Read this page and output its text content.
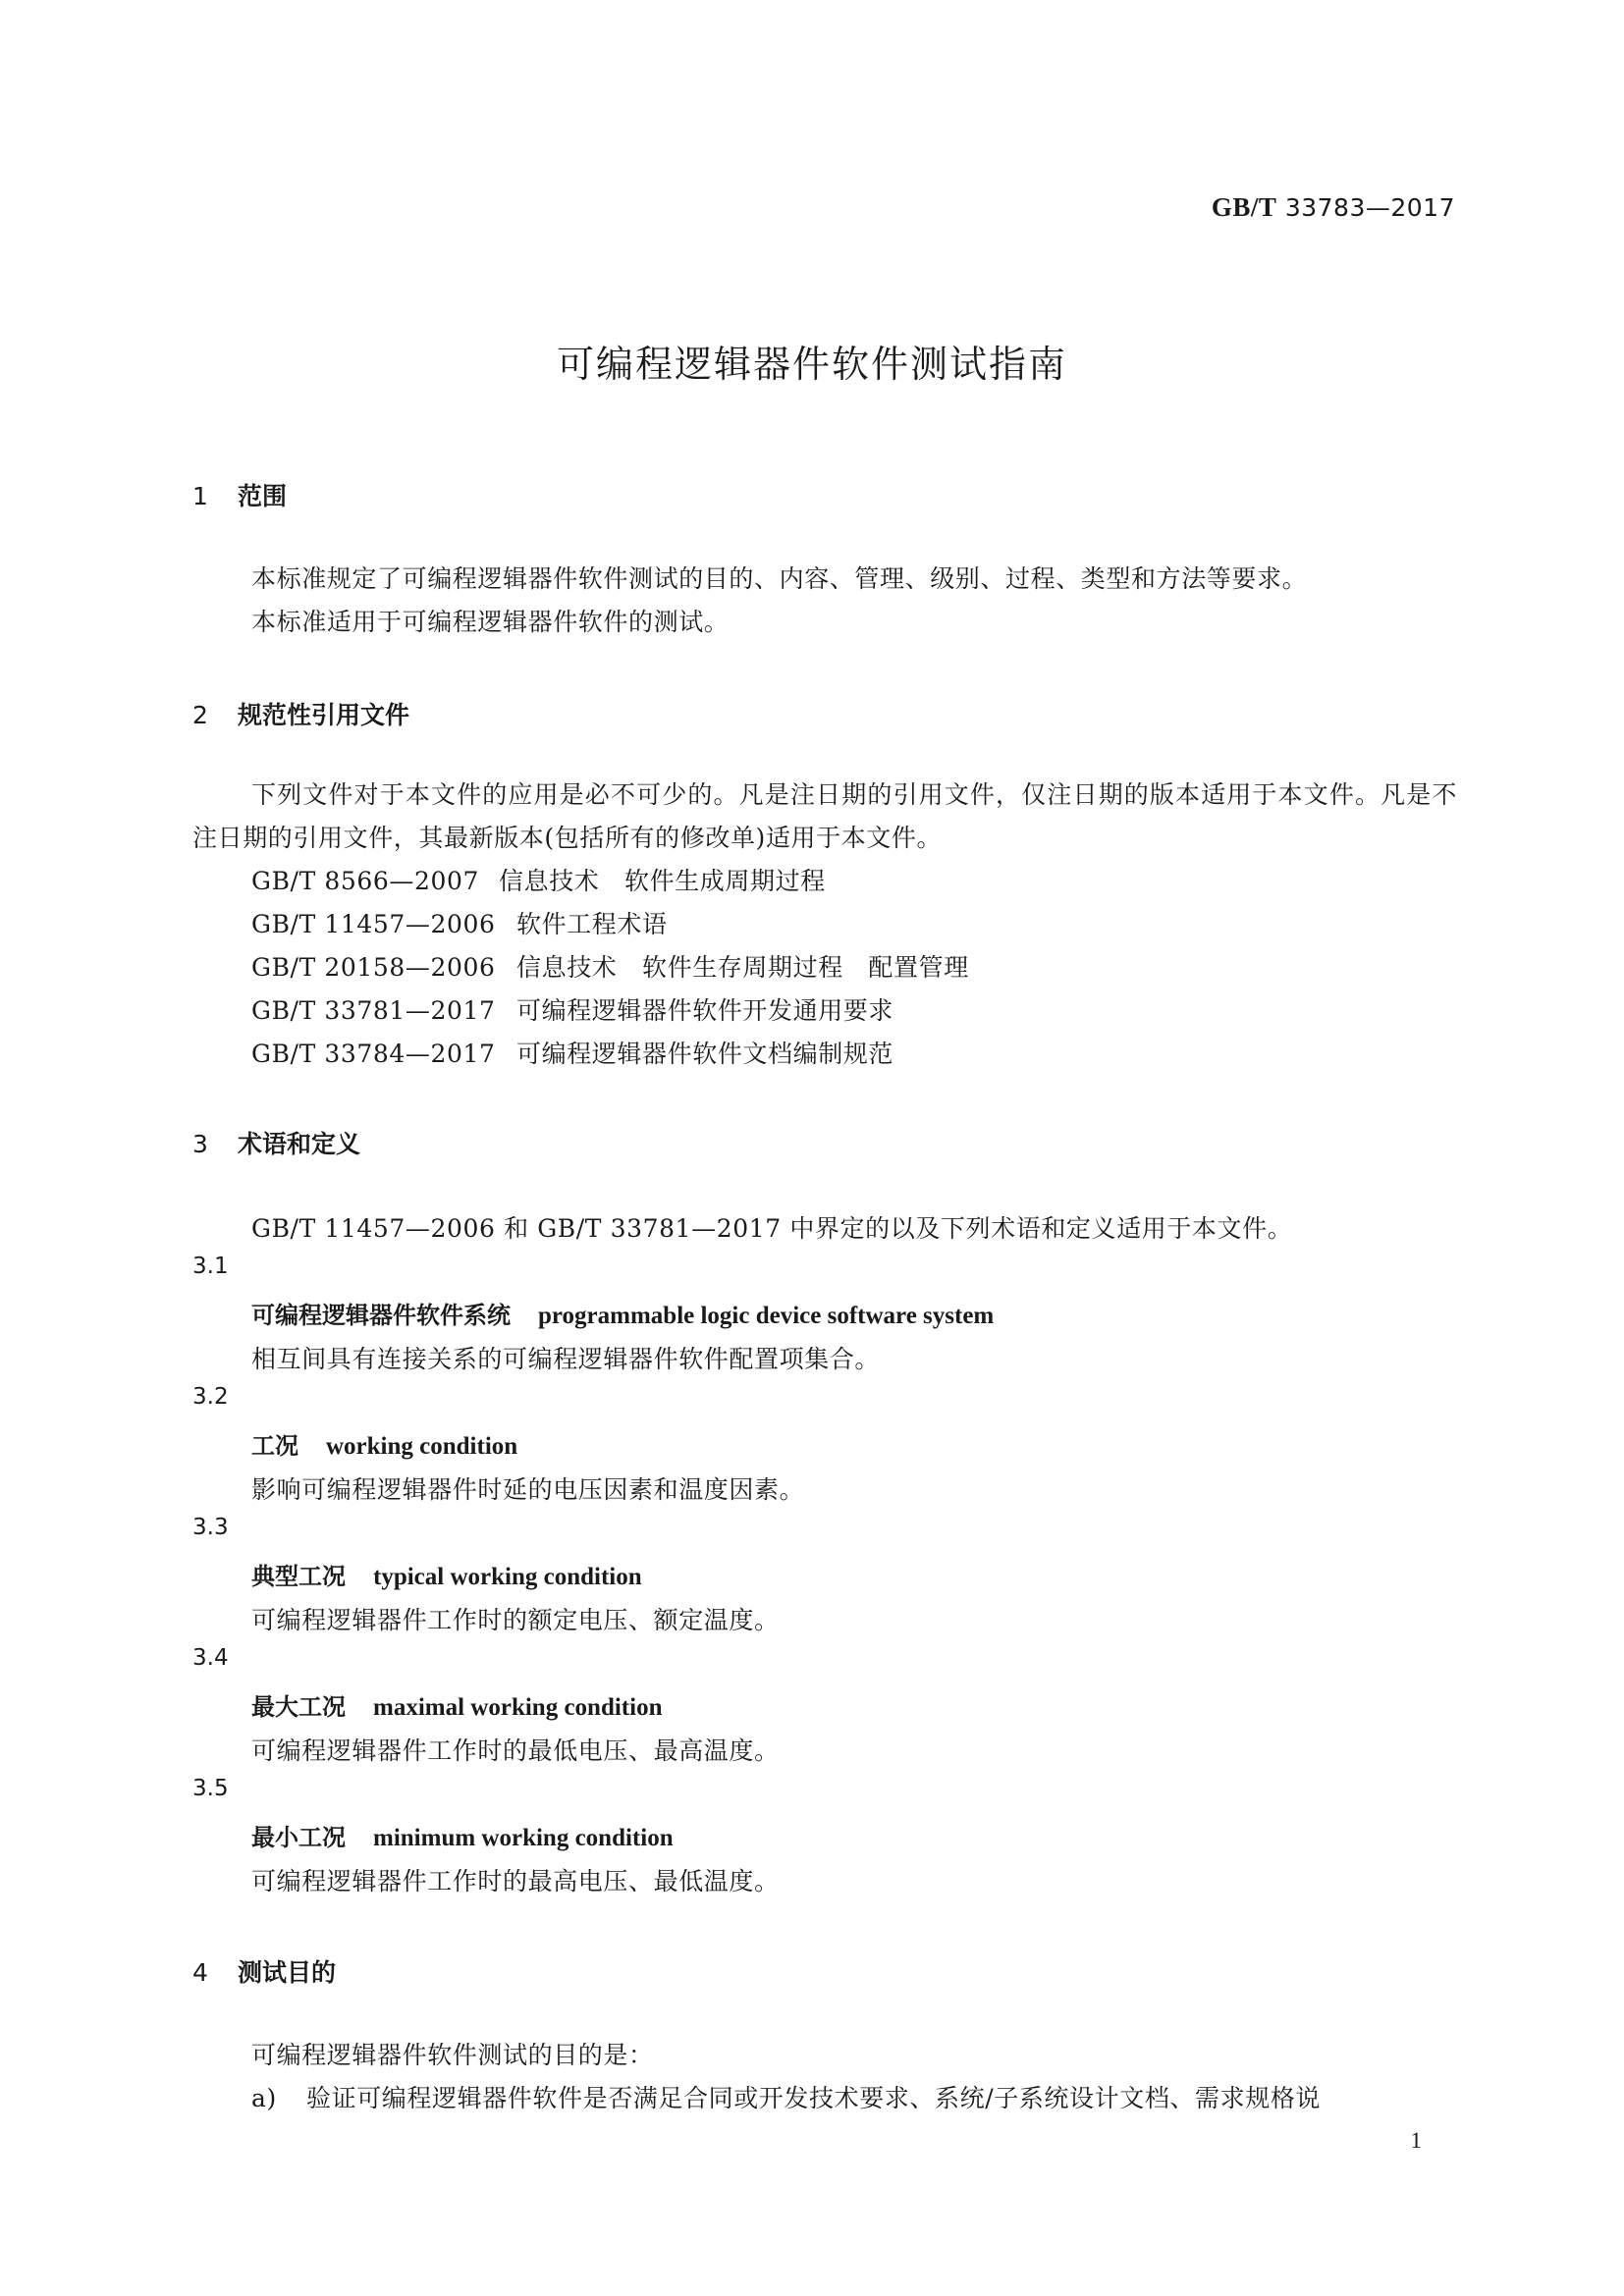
GB/T 33783—2017
可编程逻辑器件软件测试指南
1 范围
本标准规定了可编程逻辑器件软件测试的目的、内容、管理、级别、过程、类型和方法等要求。
本标准适用于可编程逻辑器件软件的测试。
2 规范性引用文件
下列文件对于本文件的应用是必不可少的。凡是注日期的引用文件，仅注日期的版本适用于本文件。凡是不注日期的引用文件，其最新版本(包括所有的修改单)适用于本文件。
GB/T 8566—2007 信息技术　软件生成周期过程
GB/T 11457—2006 软件工程术语
GB/T 20158—2006 信息技术　软件生存周期过程　配置管理
GB/T 33781—2017 可编程逻辑器件软件开发通用要求
GB/T 33784—2017 可编程逻辑器件软件文档编制规范
3 术语和定义
GB/T 11457—2006 和 GB/T 33781—2017 中界定的以及下列术语和定义适用于本文件。
3.1
可编程逻辑器件软件系统 programmable logic device software system
相互间具有连接关系的可编程逻辑器件软件配置项集合。
3.2
工况 working condition
影响可编程逻辑器件时延的电压因素和温度因素。
3.3
典型工况 typical working condition
可编程逻辑器件工作时的额定电压、额定温度。
3.4
最大工况 maximal working condition
可编程逻辑器件工作时的最低电压、最高温度。
3.5
最小工况 minimum working condition
可编程逻辑器件工作时的最高电压、最低温度。
4 测试目的
可编程逻辑器件软件测试的目的是：
a) 验证可编程逻辑器件软件是否满足合同或开发技术要求、系统/子系统设计文档、需求规格说
1
